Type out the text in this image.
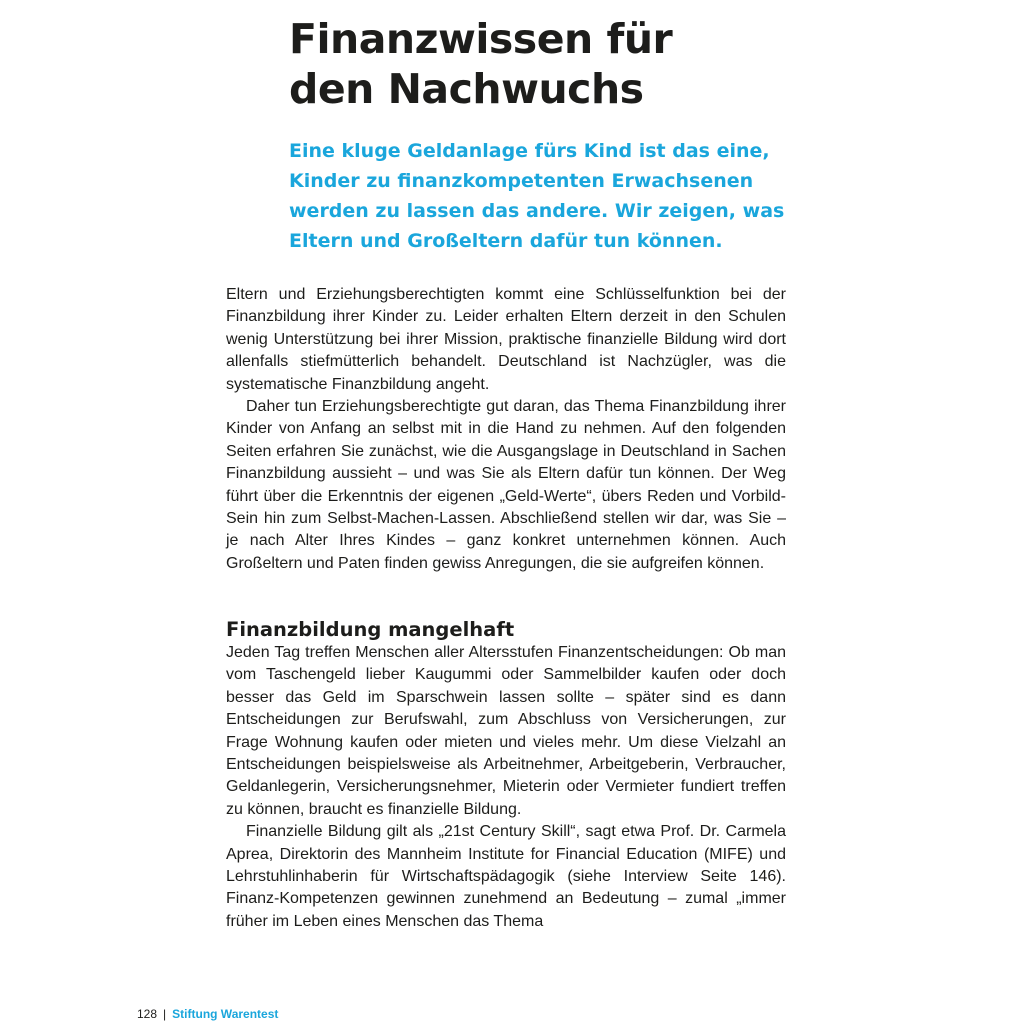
Finanzwissen für
den Nachwuchs
Eine kluge Geldanlage fürs Kind ist das eine,
Kinder zu finanzkompetenten Erwachsenen
werden zu lassen das andere. Wir zeigen, was
Eltern und Großeltern dafür tun können.

Eltern und Erziehungsberechtigten kommt eine Schlüsselfunktion bei der Finanzbildung ihrer Kinder zu. Leider erhalten Eltern derzeit in den Schulen wenig Unterstützung bei ihrer Mission, praktische finanzielle Bildung wird dort allenfalls stiefmütterlich behandelt. Deutschland ist Nachzügler, was die systematische Finanzbildung angeht.

Daher tun Erziehungsberechtigte gut daran, das Thema Finanzbildung ihrer Kinder von Anfang an selbst mit in die Hand zu nehmen. Auf den folgenden Seiten erfahren Sie zunächst, wie die Ausgangslage in Deutschland in Sachen Finanzbildung aussieht – und was Sie als Eltern dafür tun können. Der Weg führt über die Erkenntnis der eigenen „Geld-Werte“, übers Reden und Vorbild-Sein hin zum Selbst-Machen-Lassen. Abschließend stellen wir dar, was Sie – je nach Alter Ihres Kindes – ganz konkret unternehmen können. Auch Großeltern und Paten finden gewiss Anregungen, die sie aufgreifen können.

Finanzbildung mangelhaft

Jeden Tag treffen Menschen aller Altersstufen Finanzentscheidungen: Ob man vom Taschengeld lieber Kaugummi oder Sammelbilder kaufen oder doch besser das Geld im Sparschwein lassen sollte – später sind es dann Entscheidungen zur Berufswahl, zum Abschluss von Versicherungen, zur Frage Wohnung kaufen oder mieten und vieles mehr. Um diese Vielzahl an Entscheidungen beispielsweise als Arbeitnehmer, Arbeitgeberin, Verbraucher, Geldanlegerin, Versicherungsnehmer, Mieterin oder Vermieter fundiert treffen zu können, braucht es finanzielle Bildung.

Finanzielle Bildung gilt als „21st Century Skill“, sagt etwa Prof. Dr. Carmela Aprea, Direktorin des Mannheim Institute for Financial Education (MIFE) und Lehrstuhlinhaberin für Wirtschaftspädagogik (siehe Interview Seite 146). Finanz-Kompetenzen gewinnen zunehmend an Bedeutung – zumal „immer früher im Leben eines Menschen das Thema

128 | Stiftung Warentest
